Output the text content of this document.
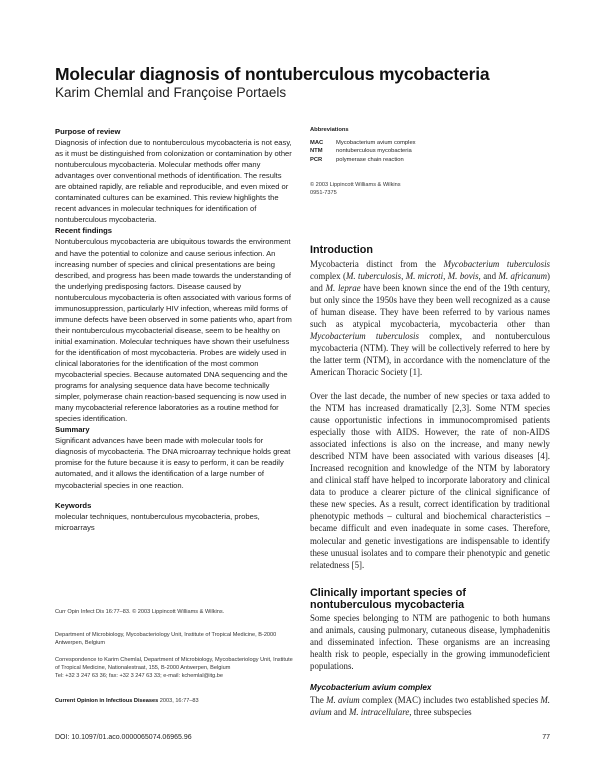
Molecular diagnosis of nontuberculous mycobacteria
Karim Chemlal and Françoise Portaels

Purpose of review

Diagnosis of infection due to nontuberculous mycobacteria is not easy, as it must be distinguished from colonization or contamination by other nontuberculous mycobacteria. Molecular methods offer many advantages over conventional methods of identification. The results are obtained rapidly, are reliable and reproducible, and even mixed or contaminated cultures can be examined. This review highlights the recent advances in molecular techniques for identification of nontuberculous mycobacteria.

Recent findings

Nontuberculous mycobacteria are ubiquitous towards the environment and have the potential to colonize and cause serious infection. An increasing number of species and clinical presentations are being described, and progress has been made towards the understanding of the underlying predisposing factors. Disease caused by nontuberculous mycobacteria is often associated with various forms of immunosuppression, particularly HIV infection, whereas mild forms of immune defects have been observed in some patients who, apart from their nontuberculous mycobacterial disease, seem to be healthy on initial examination. Molecular techniques have shown their usefulness for the identification of most mycobacteria. Probes are widely used in clinical laboratories for the identification of the most common mycobacterial species. Because automated DNA sequencing and the programs for analysing sequence data have become technically simpler, polymerase chain reaction-based sequencing is now used in many mycobacterial reference laboratories as a routine method for species identification.

Summary

Significant advances have been made with molecular tools for diagnosis of mycobacteria. The DNA microarray technique holds great promise for the future because it is easy to perform, it can be readily automated, and it allows the identification of a large number of mycobacterial species in one reaction.

Keywords

molecular techniques, nontuberculous mycobacteria, probes, microarrays

Curr Opin Infect Dis 16:77–83. © 2003 Lippincott Williams & Wilkins.
Department of Microbiology, Mycobacteriology Unit, Institute of Tropical Medicine, B-2000 Antwerpen, Belgium
Correspondence to Karim Chemlal, Department of Microbiology, Mycobacteriology Unit, Institute of Tropical Medicine, Nationalestraat, 155, B-2000 Antwerpen, Belgium
Tel: +32 3 247 63 36; fax: +32 3 247 63 33; e-mail: kchemlal@itg.be
Current Opinion in Infectious Diseases 2003, 16:77–83
Abbreviations
MAC	Mycobacterium avium complex
NTM	nontuberculous mycobacteria
PCR	polymerase chain reaction
© 2003 Lippincott Williams & Wilkins
0951-7375

Introduction

Mycobacteria distinct from the Mycobacterium tuberculosis complex (M. tuberculosis, M. microti, M. bovis, and M. africanum) and M. leprae have been known since the end of the 19th century, but only since the 1950s have they been well recognized as a cause of human disease. They have been referred to by various names such as atypical mycobacteria, mycobacteria other than Mycobacterium tuberculosis complex, and nontuberculous mycobacteria (NTM). They will be collectively referred to here by the latter term (NTM), in accordance with the nomenclature of the American Thoracic Society [1].

Over the last decade, the number of new species or taxa added to the NTM has increased dramatically [2,3]. Some NTM species cause opportunistic infections in immunocompromised patients especially those with AIDS. However, the rate of non-AIDS associated infections is also on the increase, and many newly described NTM have been associated with various diseases [4]. Increased recognition and knowledge of the NTM by laboratory and clinical staff have helped to incorporate laboratory and clinical data to produce a clearer picture of the clinical significance of these new species. As a result, correct identification by traditional phenotypic methods – cultural and biochemical characteristics – became difficult and even inadequate in some cases. Therefore, molecular and genetic investigations are indispensable to identify these unusual isolates and to compare their phenotypic and genetic relatedness [5].

Clinically important species of nontuberculous mycobacteria

Some species belonging to NTM are pathogenic to both humans and animals, causing pulmonary, cutaneous disease, lymphadenitis and disseminated infection. These organisms are an increasing health risk to people, especially in the growing immunodeficient populations.

Mycobacterium avium complex

The M. avium complex (MAC) includes two established species M. avium and M. intracellulare, three subspecies

DOI: 10.1097/01.aco.0000065074.06965.96	77
